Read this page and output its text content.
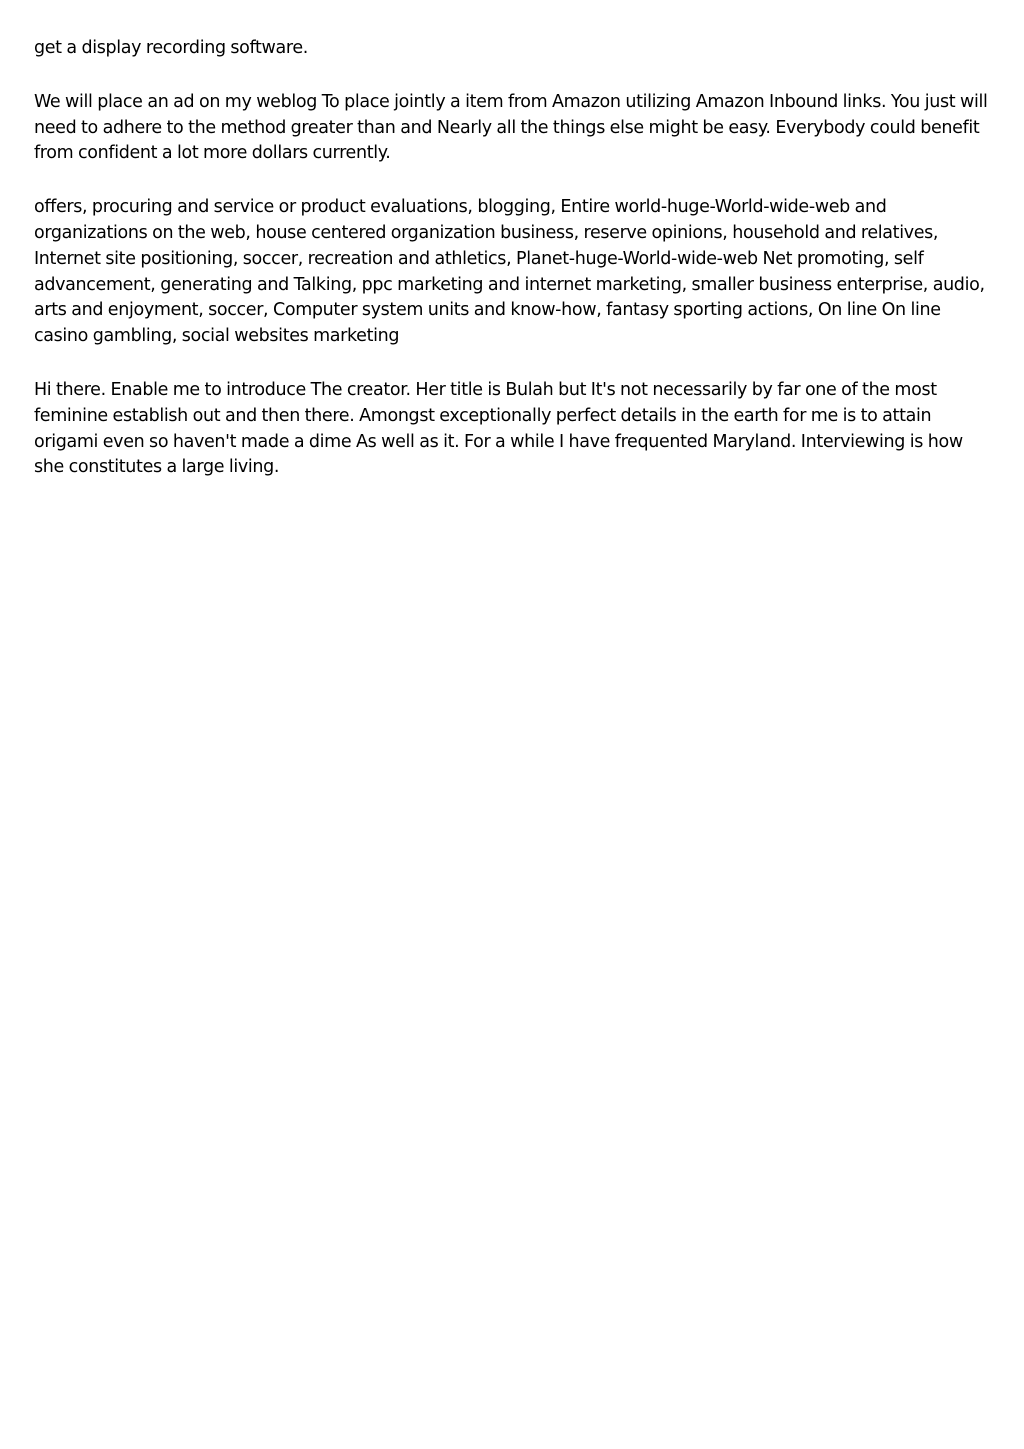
get a display recording software.

We will place an ad on my weblog To place jointly a item from Amazon utilizing Amazon Inbound links. You just will need to adhere to the method greater than and Nearly all the things else might be easy. Everybody could benefit from confident a lot more dollars currently.

offers, procuring and service or product evaluations, blogging, Entire world-huge-World-wide-web and organizations on the web, house centered organization business, reserve opinions, household and relatives, Internet site positioning, soccer, recreation and athletics, Planet-huge-World-wide-web Net promoting, self advancement, generating and Talking, ppc marketing and internet marketing, smaller business enterprise, audio, arts and enjoyment, soccer, Computer system units and know-how, fantasy sporting actions, On line On line casino gambling, social websites marketing

Hi there. Enable me to introduce The creator. Her title is Bulah but It's not necessarily by far one of the most feminine establish out and then there. Amongst exceptionally perfect details in the earth for me is to attain origami even so haven't made a dime As well as it. For a while I have frequented Maryland. Interviewing is how she constitutes a large living.
